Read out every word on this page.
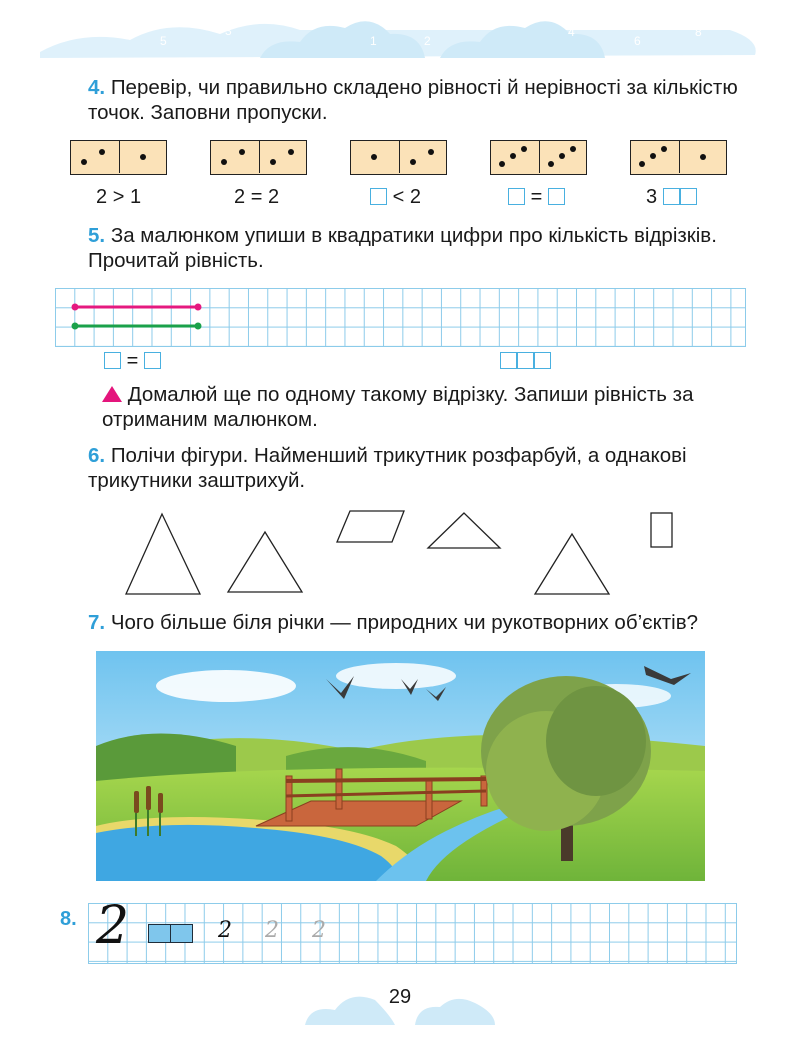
7
5
3
0
1	2
4
6
8
4. Перевір, чи правильно складено рівності й нерівності за кількістю точок. Заповни пропуски.
2 > 1	2 = 2	< 2	=	3
5. За малюнком упиши в квадратики цифри про кількість відрізків. Прочитай рівність.
=
Домалюй ще по одному такому відрізку. Запиши рівність за отриманим малюнком.
6. Полічи фігури. Найменший трикутник розфарбуй, а однакові трикутники заштрихуй.
7. Чого більше біля річки — природних чи рукотворних об’єктів?
8. 2	2 2 2
29
